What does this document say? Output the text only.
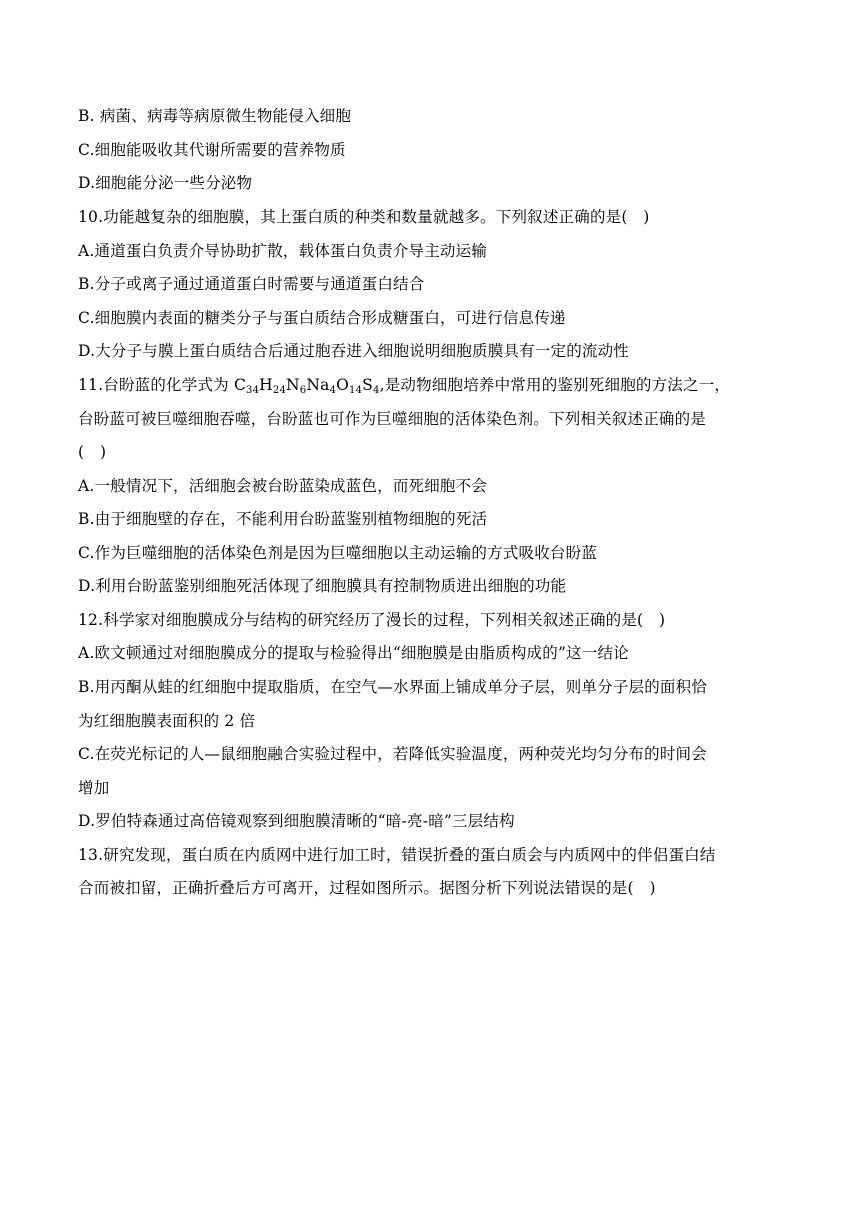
B. 病菌、病毒等病原微生物能侵入细胞
C.细胞能吸收其代谢所需要的营养物质
D.细胞能分泌一些分泌物
10.功能越复杂的细胞膜，其上蛋白质的种类和数量就越多。下列叙述正确的是(　)
A.通道蛋白负责介导协助扩散，载体蛋白负责介导主动运输
B.分子或离子通过通道蛋白时需要与通道蛋白结合
C.细胞膜内表面的糖类分子与蛋白质结合形成糖蛋白，可进行信息传递
D.大分子与膜上蛋白质结合后通过胞吞进入细胞说明细胞质膜具有一定的流动性
11.台盼蓝的化学式为 $C_{34}H_{24}N_6Na_4O_{14}S_4$,是动物细胞培养中常用的鉴别死细胞的方法之一，
台盼蓝可被巨噬细胞吞噬，台盼蓝也可作为巨噬细胞的活体染色剂。下列相关叙述正确的是
(　)
A.一般情况下，活细胞会被台盼蓝染成蓝色，而死细胞不会
B.由于细胞壁的存在，不能利用台盼蓝鉴别植物细胞的死活
C.作为巨噬细胞的活体染色剂是因为巨噬细胞以主动运输的方式吸收台盼蓝
D.利用台盼蓝鉴别细胞死活体现了细胞膜具有控制物质进出细胞的功能
12.科学家对细胞膜成分与结构的研究经历了漫长的过程，下列相关叙述正确的是(　)
A.欧文顿通过对细胞膜成分的提取与检验得出“细胞膜是由脂质构成的”这一结论
B.用丙酮从蛙的红细胞中提取脂质，在空气—水界面上铺成单分子层，则单分子层的面积恰
为红细胞膜表面积的 2 倍
C.在荧光标记的人—鼠细胞融合实验过程中，若降低实验温度，两种荧光均匀分布的时间会
增加
D.罗伯特森通过高倍镜观察到细胞膜清晰的“暗-亮-暗”三层结构
13.研究发现，蛋白质在内质网中进行加工时，错误折叠的蛋白质会与内质网中的伴侣蛋白结
合而被扣留，正确折叠后方可离开，过程如图所示。据图分析下列说法错误的是(　)
